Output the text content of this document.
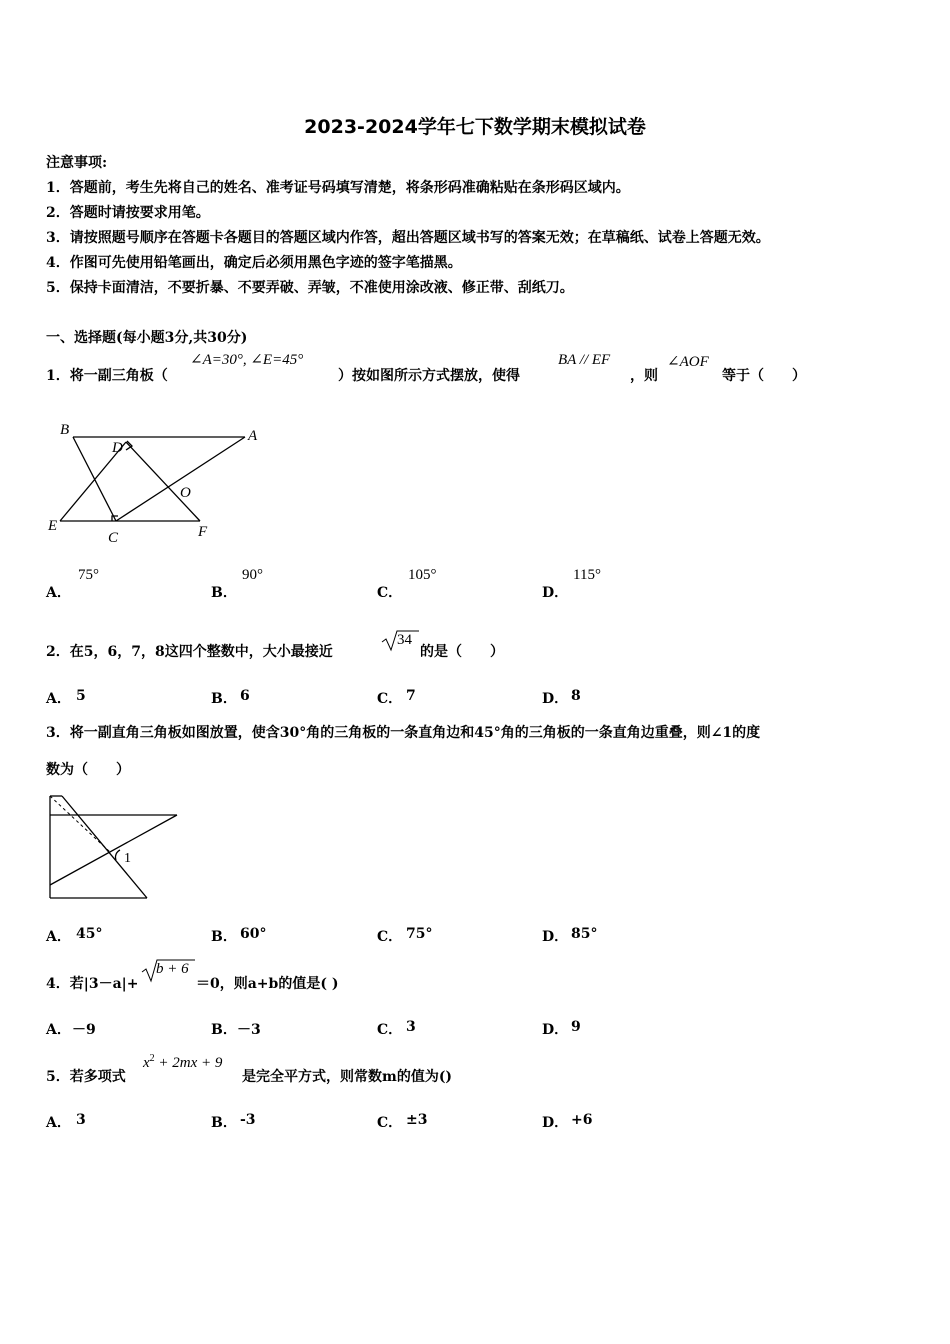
2023-2024学年七下数学期末模拟试卷
注意事项:
1．答题前，考生先将自己的姓名、准考证号码填写清楚，将条形码准确粘贴在条形码区域内。
2．答题时请按要求用笔。
3．请按照题号顺序在答题卡各题目的答题区域内作答，超出答题区域书写的答案无效；在草稿纸、试卷上答题无效。
4．作图可先使用铅笔画出，确定后必须用黑色字迹的签字笔描黑。
5．保持卡面清洁，不要折暴、不要弄破、弄皱，不准使用涂改液、修正带、刮纸刀。
一、选择题(每小题3分,共30分)
1．将一副三角板（
∠A=30°, ∠E=45°
）按如图所示方式摆放，使得
BA // EF
，则
∠AOF
等于（　　）
B	A
D
O
E
C	F
A．
75°
B．
90°
C．
105°
D．
115°
2．在5，6，7，8这四个整数中，大小最接近
34
的是（　　）
A． 5	B． 6	C． 7	D． 8
3．将一副直角三角板如图放置，使含30°角的三角板的一条直角边和45°角的三角板的一条直角边重叠，则∠1的度
数为（　　）
1
A． 45°	B． 60°	C． 75°	D． 85°
4．若|3－a|+
b + 6
＝0，则a+b的值是( )
A． －9	B． －3	C． 3	D． 9
5．若多项式
$x^2 + 2mx + 9$
是完全平方式，则常数m的值为()
A． 3	B． -3	C． ±3	D． +6
